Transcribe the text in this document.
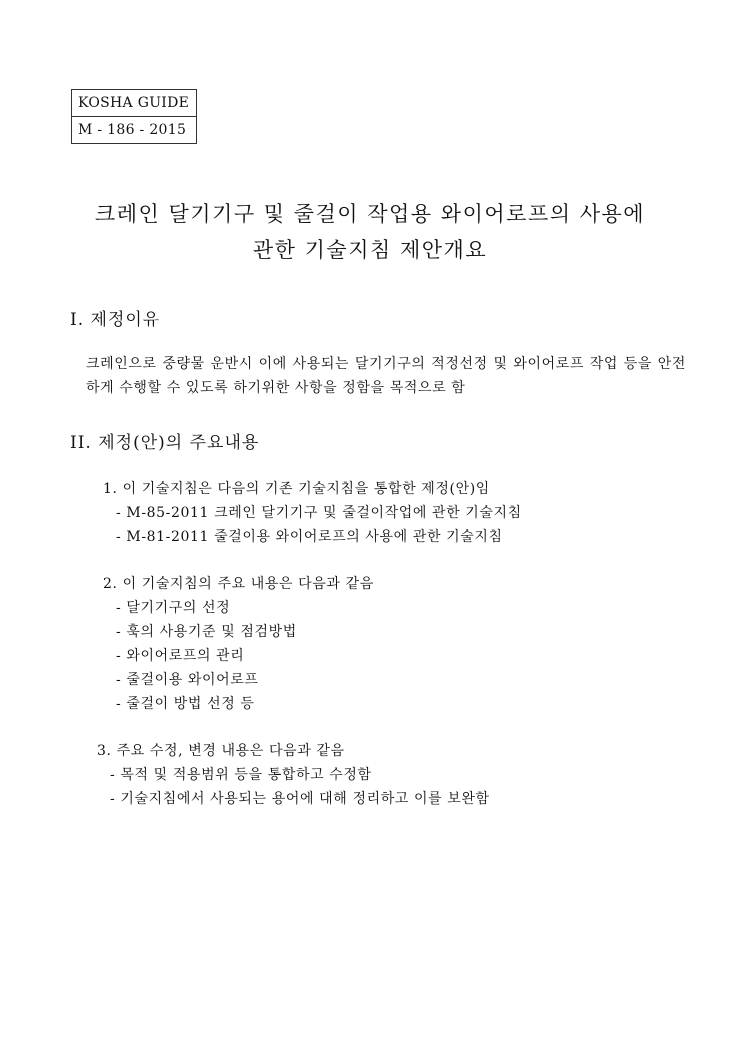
KOSHA GUIDE
M - 186 - 2015
크레인 달기기구 및 줄걸이 작업용 와이어로프의 사용에
관한 기술지침 제안개요
I. 제정이유
크레인으로 중량물 운반시 이에 사용되는 달기기구의 적정선정 및 와이어로프 작업 등을 안전하게 수행할 수 있도록 하기위한 사항을 정함을 목적으로 함
II. 제정(안)의 주요내용
1. 이 기술지침은 다음의 기존 기술지침을 통합한 제정(안)임
- M-85-2011 크레인 달기기구 및 줄걸이작업에 관한 기술지침
- M-81-2011 줄걸이용 와이어로프의 사용에 관한 기술지침
2. 이 기술지침의 주요 내용은 다음과 같음
- 달기기구의 선정
- 훅의 사용기준 및 점검방법
- 와이어로프의 관리
- 줄걸이용 와이어로프
- 줄걸이 방법 선정 등
3. 주요 수정, 변경 내용은 다음과 같음
- 목적 및 적용범위 등을 통합하고 수정함
- 기술지침에서 사용되는 용어에 대해 정리하고 이를 보완함
